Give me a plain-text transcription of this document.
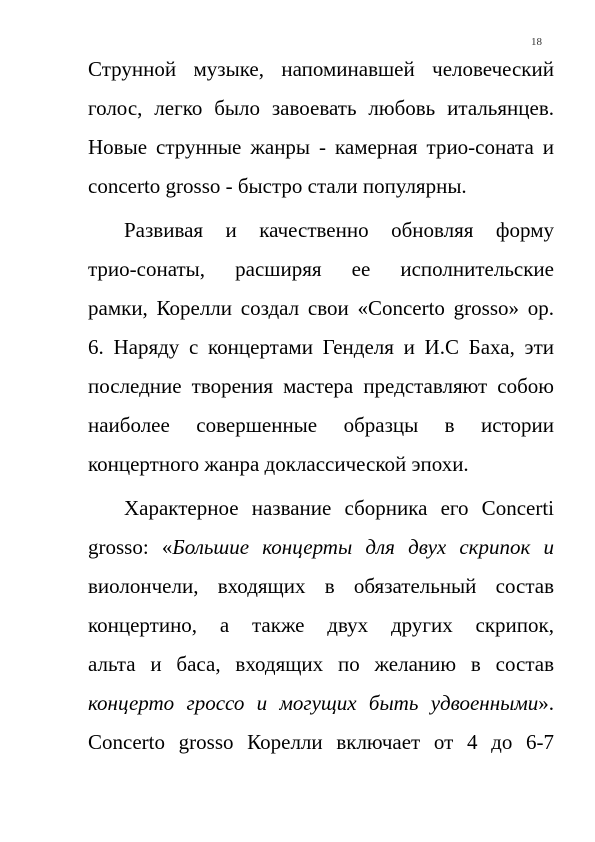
18
Струнной музыке, напоминавшей человеческий
голос, легко было завоевать любовь итальянцев.
Новые струнные жанры - камерная трио-соната и
concerto grosso - быстро стали популярны.
Развивая и качественно обновляя форму
трио-сонаты, расширяя ее исполнительские
рамки, Корелли создал свои «Concerto grosso» ор.
6. Наряду с концертами Генделя и И.С Баха, эти
последние творения мастера представляют собою
наиболее совершенные образцы в истории
концертного жанра доклассической эпохи.
Характерное название сборника его Concerti
grosso: «Большие концерты для двух скрипок и
виолончели, входящих в обязательный состав
концертино, а также двух других скрипок,
альта и баса, входящих по желанию в состав
концерто гроссо и могущих быть удвоенными».
Concerto grosso Корелли включает от 4 до 6-7
